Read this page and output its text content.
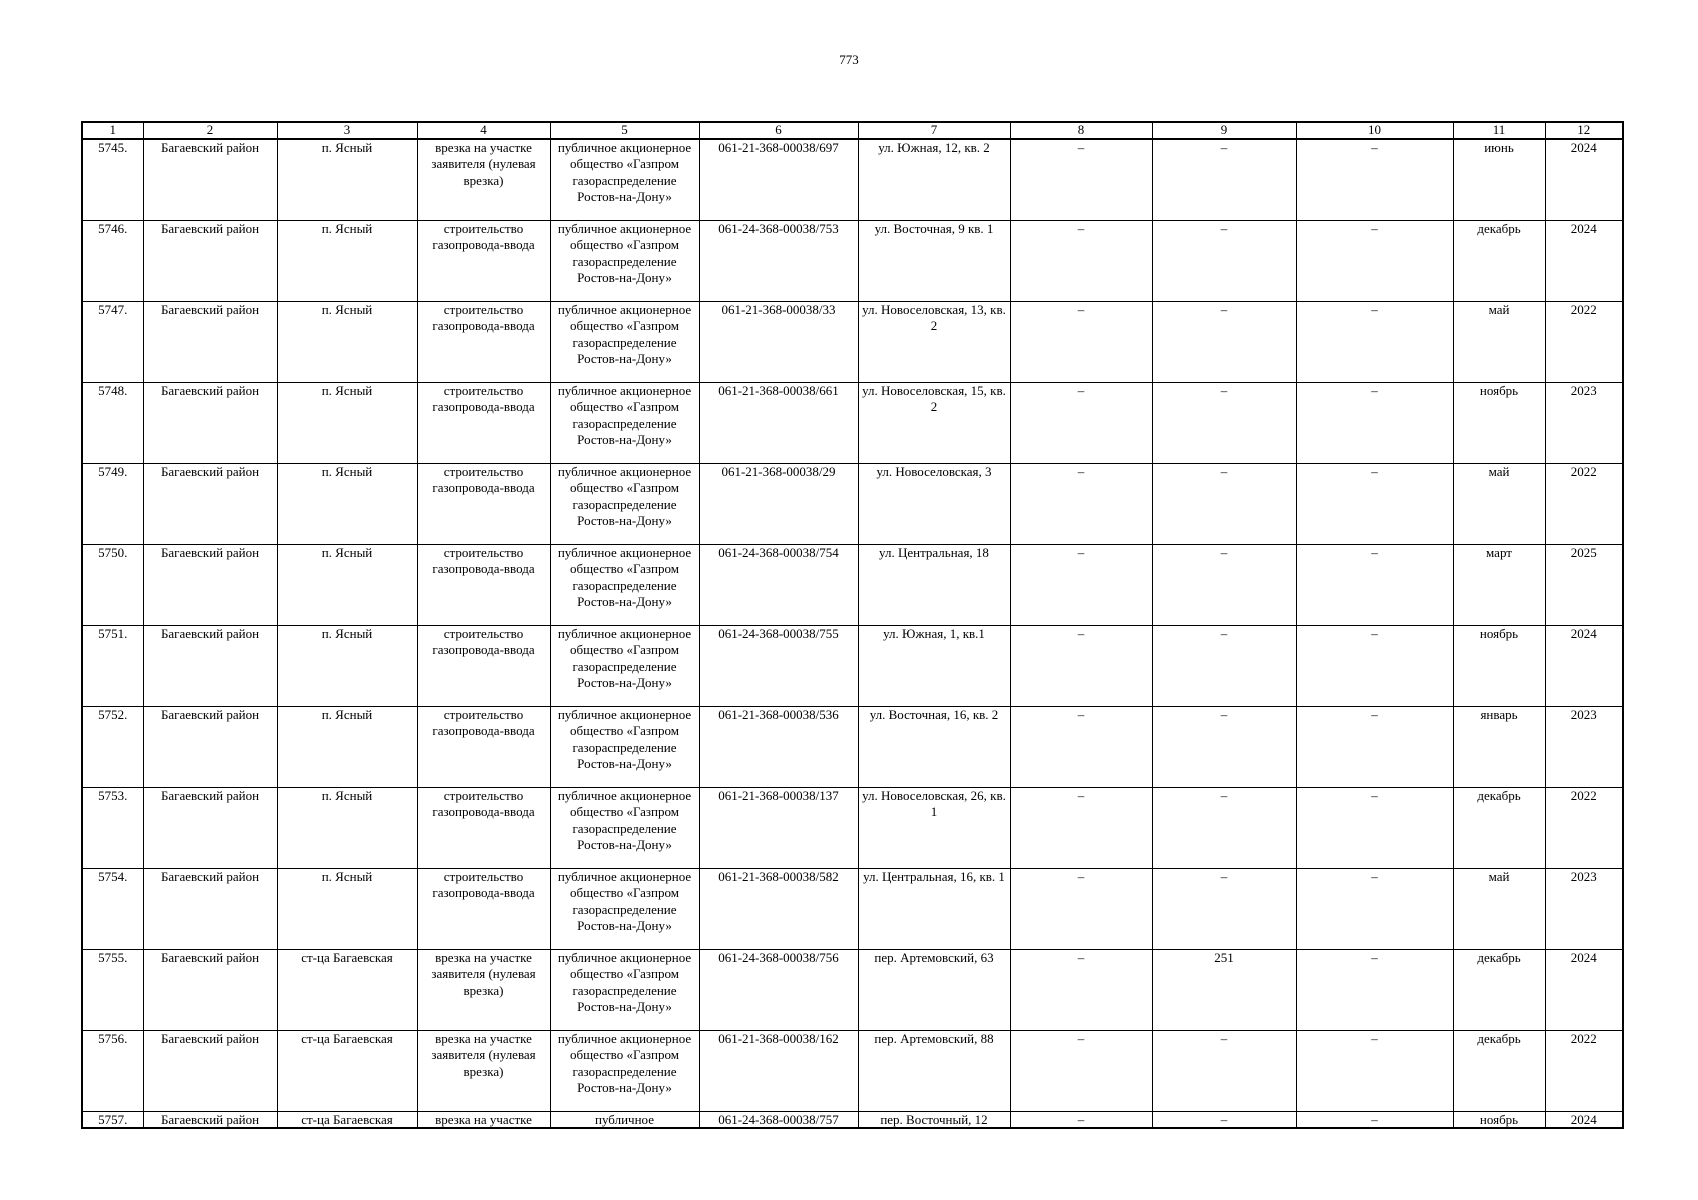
773
1	2	3	4	5	6	7	8	9	10	11	12
5745.	Багаевский район	п. Ясный	врезка на участке заявителя (нулевая врезка)	публичное акционерное общество «Газпром газораспределение Ростов-на-Дону»	061-21-368-00038/697	ул. Южная, 12, кв. 2	–	–	–	июнь	2024
5746.	Багаевский район	п. Ясный	строительство газопровода-ввода	публичное акционерное общество «Газпром газораспределение Ростов-на-Дону»	061-24-368-00038/753	ул. Восточная, 9 кв. 1	–	–	–	декабрь	2024
5747.	Багаевский район	п. Ясный	строительство газопровода-ввода	публичное акционерное общество «Газпром газораспределение Ростов-на-Дону»	061-21-368-00038/33	ул. Новоселовская, 13, кв. 2	–	–	–	май	2022
5748.	Багаевский район	п. Ясный	строительство газопровода-ввода	публичное акционерное общество «Газпром газораспределение Ростов-на-Дону»	061-21-368-00038/661	ул. Новоселовская, 15, кв. 2	–	–	–	ноябрь	2023
5749.	Багаевский район	п. Ясный	строительство газопровода-ввода	публичное акционерное общество «Газпром газораспределение Ростов-на-Дону»	061-21-368-00038/29	ул. Новоселовская, 3	–	–	–	май	2022
5750.	Багаевский район	п. Ясный	строительство газопровода-ввода	публичное акционерное общество «Газпром газораспределение Ростов-на-Дону»	061-24-368-00038/754	ул. Центральная, 18	–	–	–	март	2025
5751.	Багаевский район	п. Ясный	строительство газопровода-ввода	публичное акционерное общество «Газпром газораспределение Ростов-на-Дону»	061-24-368-00038/755	ул. Южная, 1, кв.1	–	–	–	ноябрь	2024
5752.	Багаевский район	п. Ясный	строительство газопровода-ввода	публичное акционерное общество «Газпром газораспределение Ростов-на-Дону»	061-21-368-00038/536	ул. Восточная, 16, кв. 2	–	–	–	январь	2023
5753.	Багаевский район	п. Ясный	строительство газопровода-ввода	публичное акционерное общество «Газпром газораспределение Ростов-на-Дону»	061-21-368-00038/137	ул. Новоселовская, 26, кв. 1	–	–	–	декабрь	2022
5754.	Багаевский район	п. Ясный	строительство газопровода-ввода	публичное акционерное общество «Газпром газораспределение Ростов-на-Дону»	061-21-368-00038/582	ул. Центральная, 16, кв. 1	–	–	–	май	2023
5755.	Багаевский район	ст-ца Багаевская	врезка на участке заявителя (нулевая врезка)	публичное акционерное общество «Газпром газораспределение Ростов-на-Дону»	061-24-368-00038/756	пер. Артемовский, 63	–	251	–	декабрь	2024
5756.	Багаевский район	ст-ца Багаевская	врезка на участке заявителя (нулевая врезка)	публичное акционерное общество «Газпром газораспределение Ростов-на-Дону»	061-21-368-00038/162	пер. Артемовский, 88	–	–	–	декабрь	2022
5757.	Багаевский район	ст-ца Багаевская	врезка на участке	публичное	061-24-368-00038/757	пер. Восточный, 12	–	–	–	ноябрь	2024
